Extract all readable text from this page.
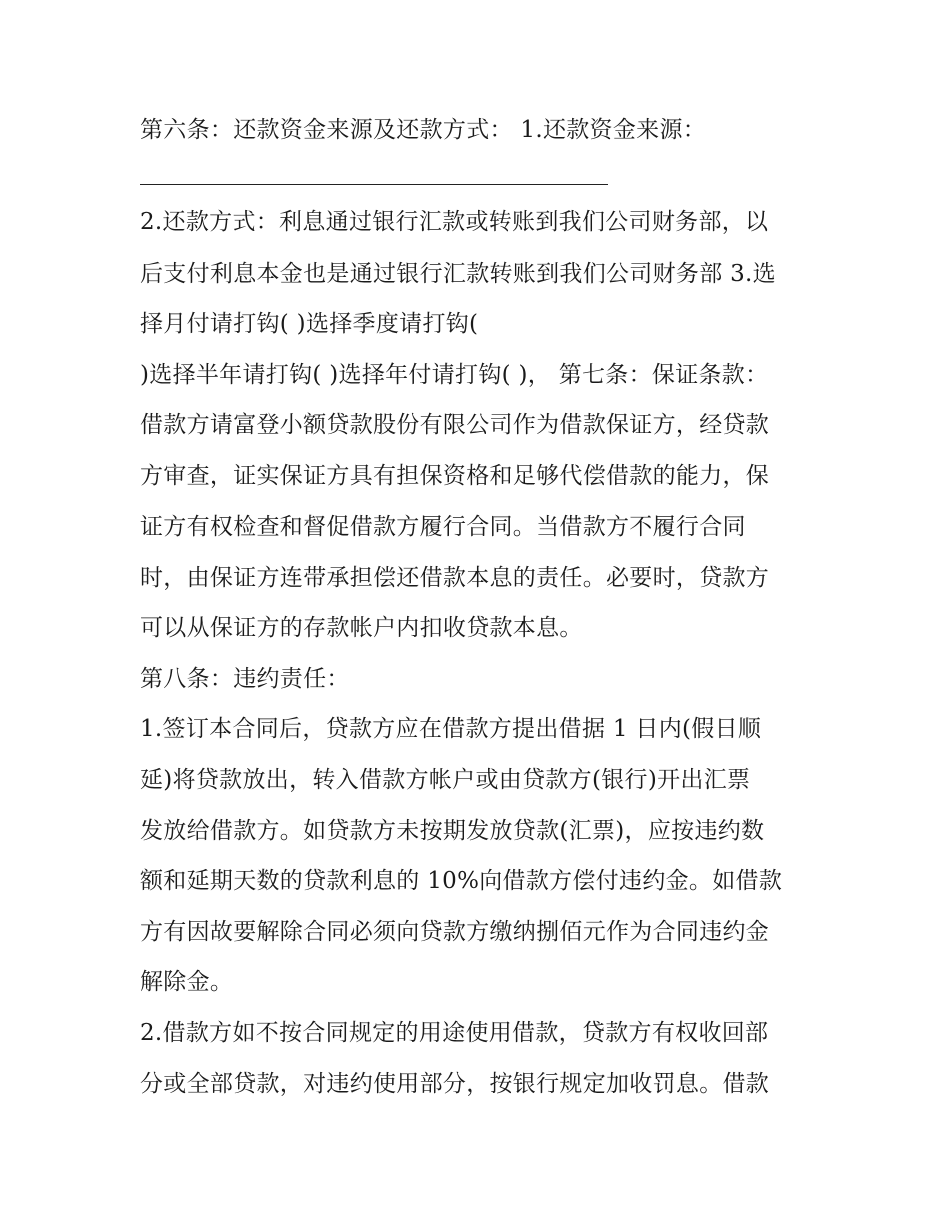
第六条：还款资金来源及还款方式： 1.还款资金来源：
2.还款方式：利息通过银行汇款或转账到我们公司财务部，以
后支付利息本金也是通过银行汇款转账到我们公司财务部 3.选
择月付请打钩( )选择季度请打钩(
)选择半年请打钩( )选择年付请打钩( )， 第七条：保证条款：
借款方请富登小额贷款股份有限公司作为借款保证方，经贷款
方审查，证实保证方具有担保资格和足够代偿借款的能力，保
证方有权检查和督促借款方履行合同。当借款方不履行合同
时，由保证方连带承担偿还借款本息的责任。必要时，贷款方
可以从保证方的存款帐户内扣收贷款本息。
第八条：违约责任：
1.签订本合同后，贷款方应在借款方提出借据 1 日内(假日顺
延)将贷款放出，转入借款方帐户或由贷款方(银行)开出汇票
发放给借款方。如贷款方未按期发放贷款(汇票)，应按违约数
额和延期天数的贷款利息的 10%向借款方偿付违约金。如借款
方有因故要解除合同必须向贷款方缴纳捌佰元作为合同违约金
解除金。
2.借款方如不按合同规定的用途使用借款，贷款方有权收回部
分或全部贷款，对违约使用部分，按银行规定加收罚息。借款
